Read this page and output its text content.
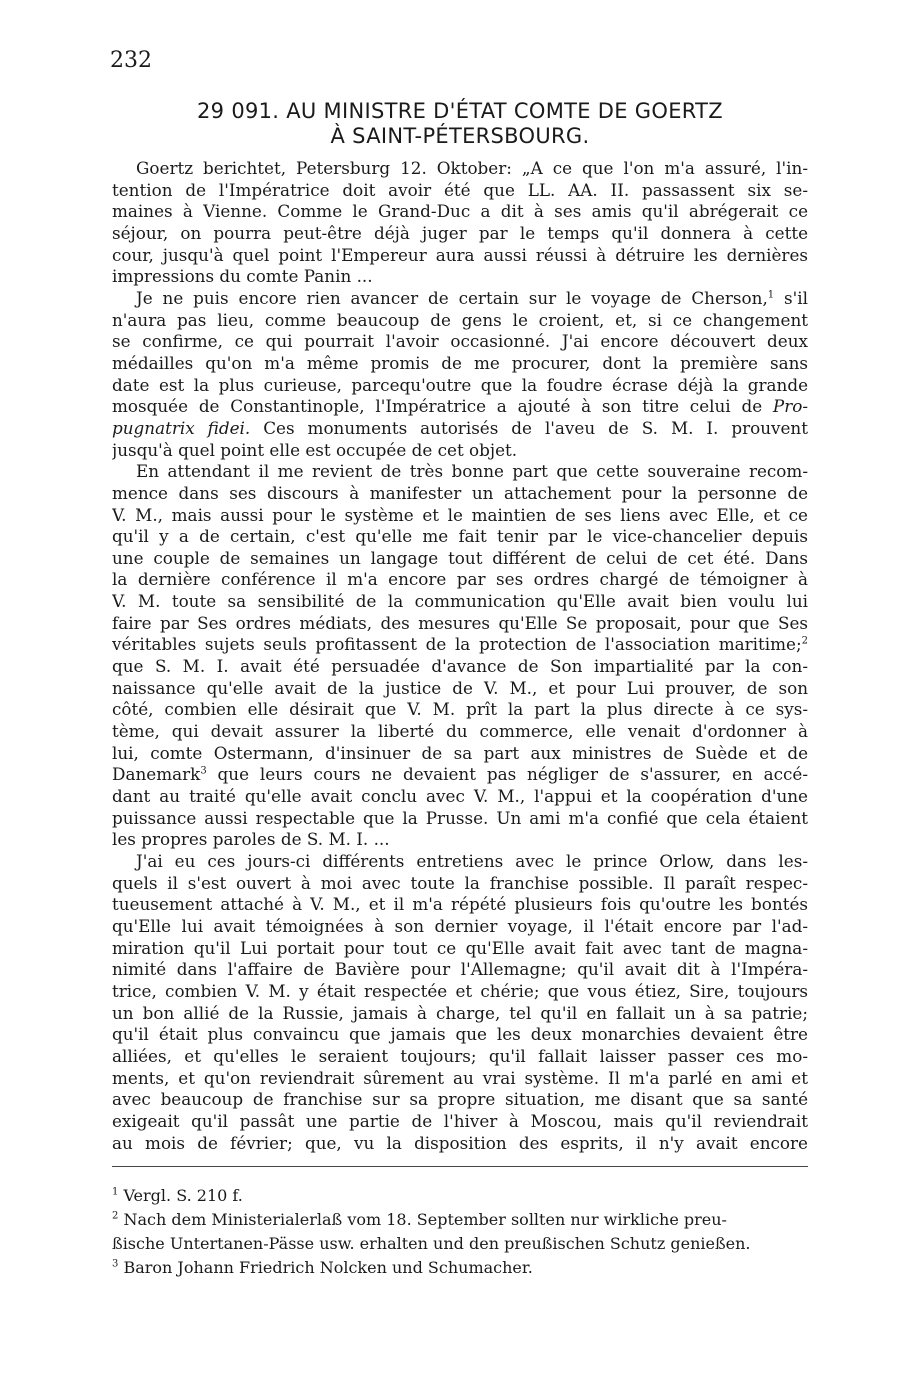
232
29 091. AU MINISTRE D'ÉTAT COMTE DE GOERTZ
À SAINT-PÉTERSBOURG.
Goertz berichtet, Petersburg 12. Oktober: „A ce que l'on m'a assuré, l'in-
tention de l'Impératrice doit avoir été que LL. AA. II. passassent six se-
maines à Vienne. Comme le Grand-Duc a dit à ses amis qu'il abrégerait ce
séjour, on pourra peut-être déjà juger par le temps qu'il donnera à cette
cour, jusqu'à quel point l'Empereur aura aussi réussi à détruire les dernières
impressions du comte Panin ...
Je ne puis encore rien avancer de certain sur le voyage de Cherson,$^1$ s'il
n'aura pas lieu, comme beaucoup de gens le croient, et, si ce changement
se confirme, ce qui pourrait l'avoir occasionné. J'ai encore découvert deux
médailles qu'on m'a même promis de me procurer, dont la première sans
date est la plus curieuse, parcequ'outre que la foudre écrase déjà la grande
mosquée de Constantinople, l'Impératrice a ajouté à son titre celui de Pro-
pugnatrix fidei. Ces monuments autorisés de l'aveu de S. M. I. prouvent
jusqu'à quel point elle est occupée de cet objet.
En attendant il me revient de très bonne part que cette souveraine recom-
mence dans ses discours à manifester un attachement pour la personne de
V. M., mais aussi pour le système et le maintien de ses liens avec Elle, et ce
qu'il y a de certain, c'est qu'elle me fait tenir par le vice-chancelier depuis
une couple de semaines un langage tout différent de celui de cet été. Dans
la dernière conférence il m'a encore par ses ordres chargé de témoigner à
V. M. toute sa sensibilité de la communication qu'Elle avait bien voulu lui
faire par Ses ordres médiats, des mesures qu'Elle Se proposait, pour que Ses
véritables sujets seuls profitassent de la protection de l'association maritime;$^2$
que S. M. I. avait été persuadée d'avance de Son impartialité par la con-
naissance qu'elle avait de la justice de V. M., et pour Lui prouver, de son
côté, combien elle désirait que V. M. prît la part la plus directe à ce sys-
tème, qui devait assurer la liberté du commerce, elle venait d'ordonner à
lui, comte Ostermann, d'insinuer de sa part aux ministres de Suède et de
Danemark$^3$ que leurs cours ne devaient pas négliger de s'assurer, en accé-
dant au traité qu'elle avait conclu avec V. M., l'appui et la coopération d'une
puissance aussi respectable que la Prusse. Un ami m'a confié que cela étaient
les propres paroles de S. M. I. ...
J'ai eu ces jours-ci différents entretiens avec le prince Orlow, dans les-
quels il s'est ouvert à moi avec toute la franchise possible. Il paraît respec-
tueusement attaché à V. M., et il m'a répété plusieurs fois qu'outre les bontés
qu'Elle lui avait témoignées à son dernier voyage, il l'était encore par l'ad-
miration qu'il Lui portait pour tout ce qu'Elle avait fait avec tant de magna-
nimité dans l'affaire de Bavière pour l'Allemagne; qu'il avait dit à l'Impéra-
trice, combien V. M. y était respectée et chérie; que vous étiez, Sire, toujours
un bon allié de la Russie, jamais à charge, tel qu'il en fallait un à sa patrie;
qu'il était plus convaincu que jamais que les deux monarchies devaient être
alliées, et qu'elles le seraient toujours; qu'il fallait laisser passer ces mo-
ments, et qu'on reviendrait sûrement au vrai système. Il m'a parlé en ami et
avec beaucoup de franchise sur sa propre situation, me disant que sa santé
exigeait qu'il passât une partie de l'hiver à Moscou, mais qu'il reviendrait
au mois de février; que, vu la disposition des esprits, il n'y avait encore
$^1$ Vergl. S. 210 f.
$^2$ Nach dem Ministerialerlaß vom 18. September sollten nur wirkliche preu-
ßische Untertanen-Pässe usw. erhalten und den preußischen Schutz genießen.
$^3$ Baron Johann Friedrich Nolcken und Schumacher.
